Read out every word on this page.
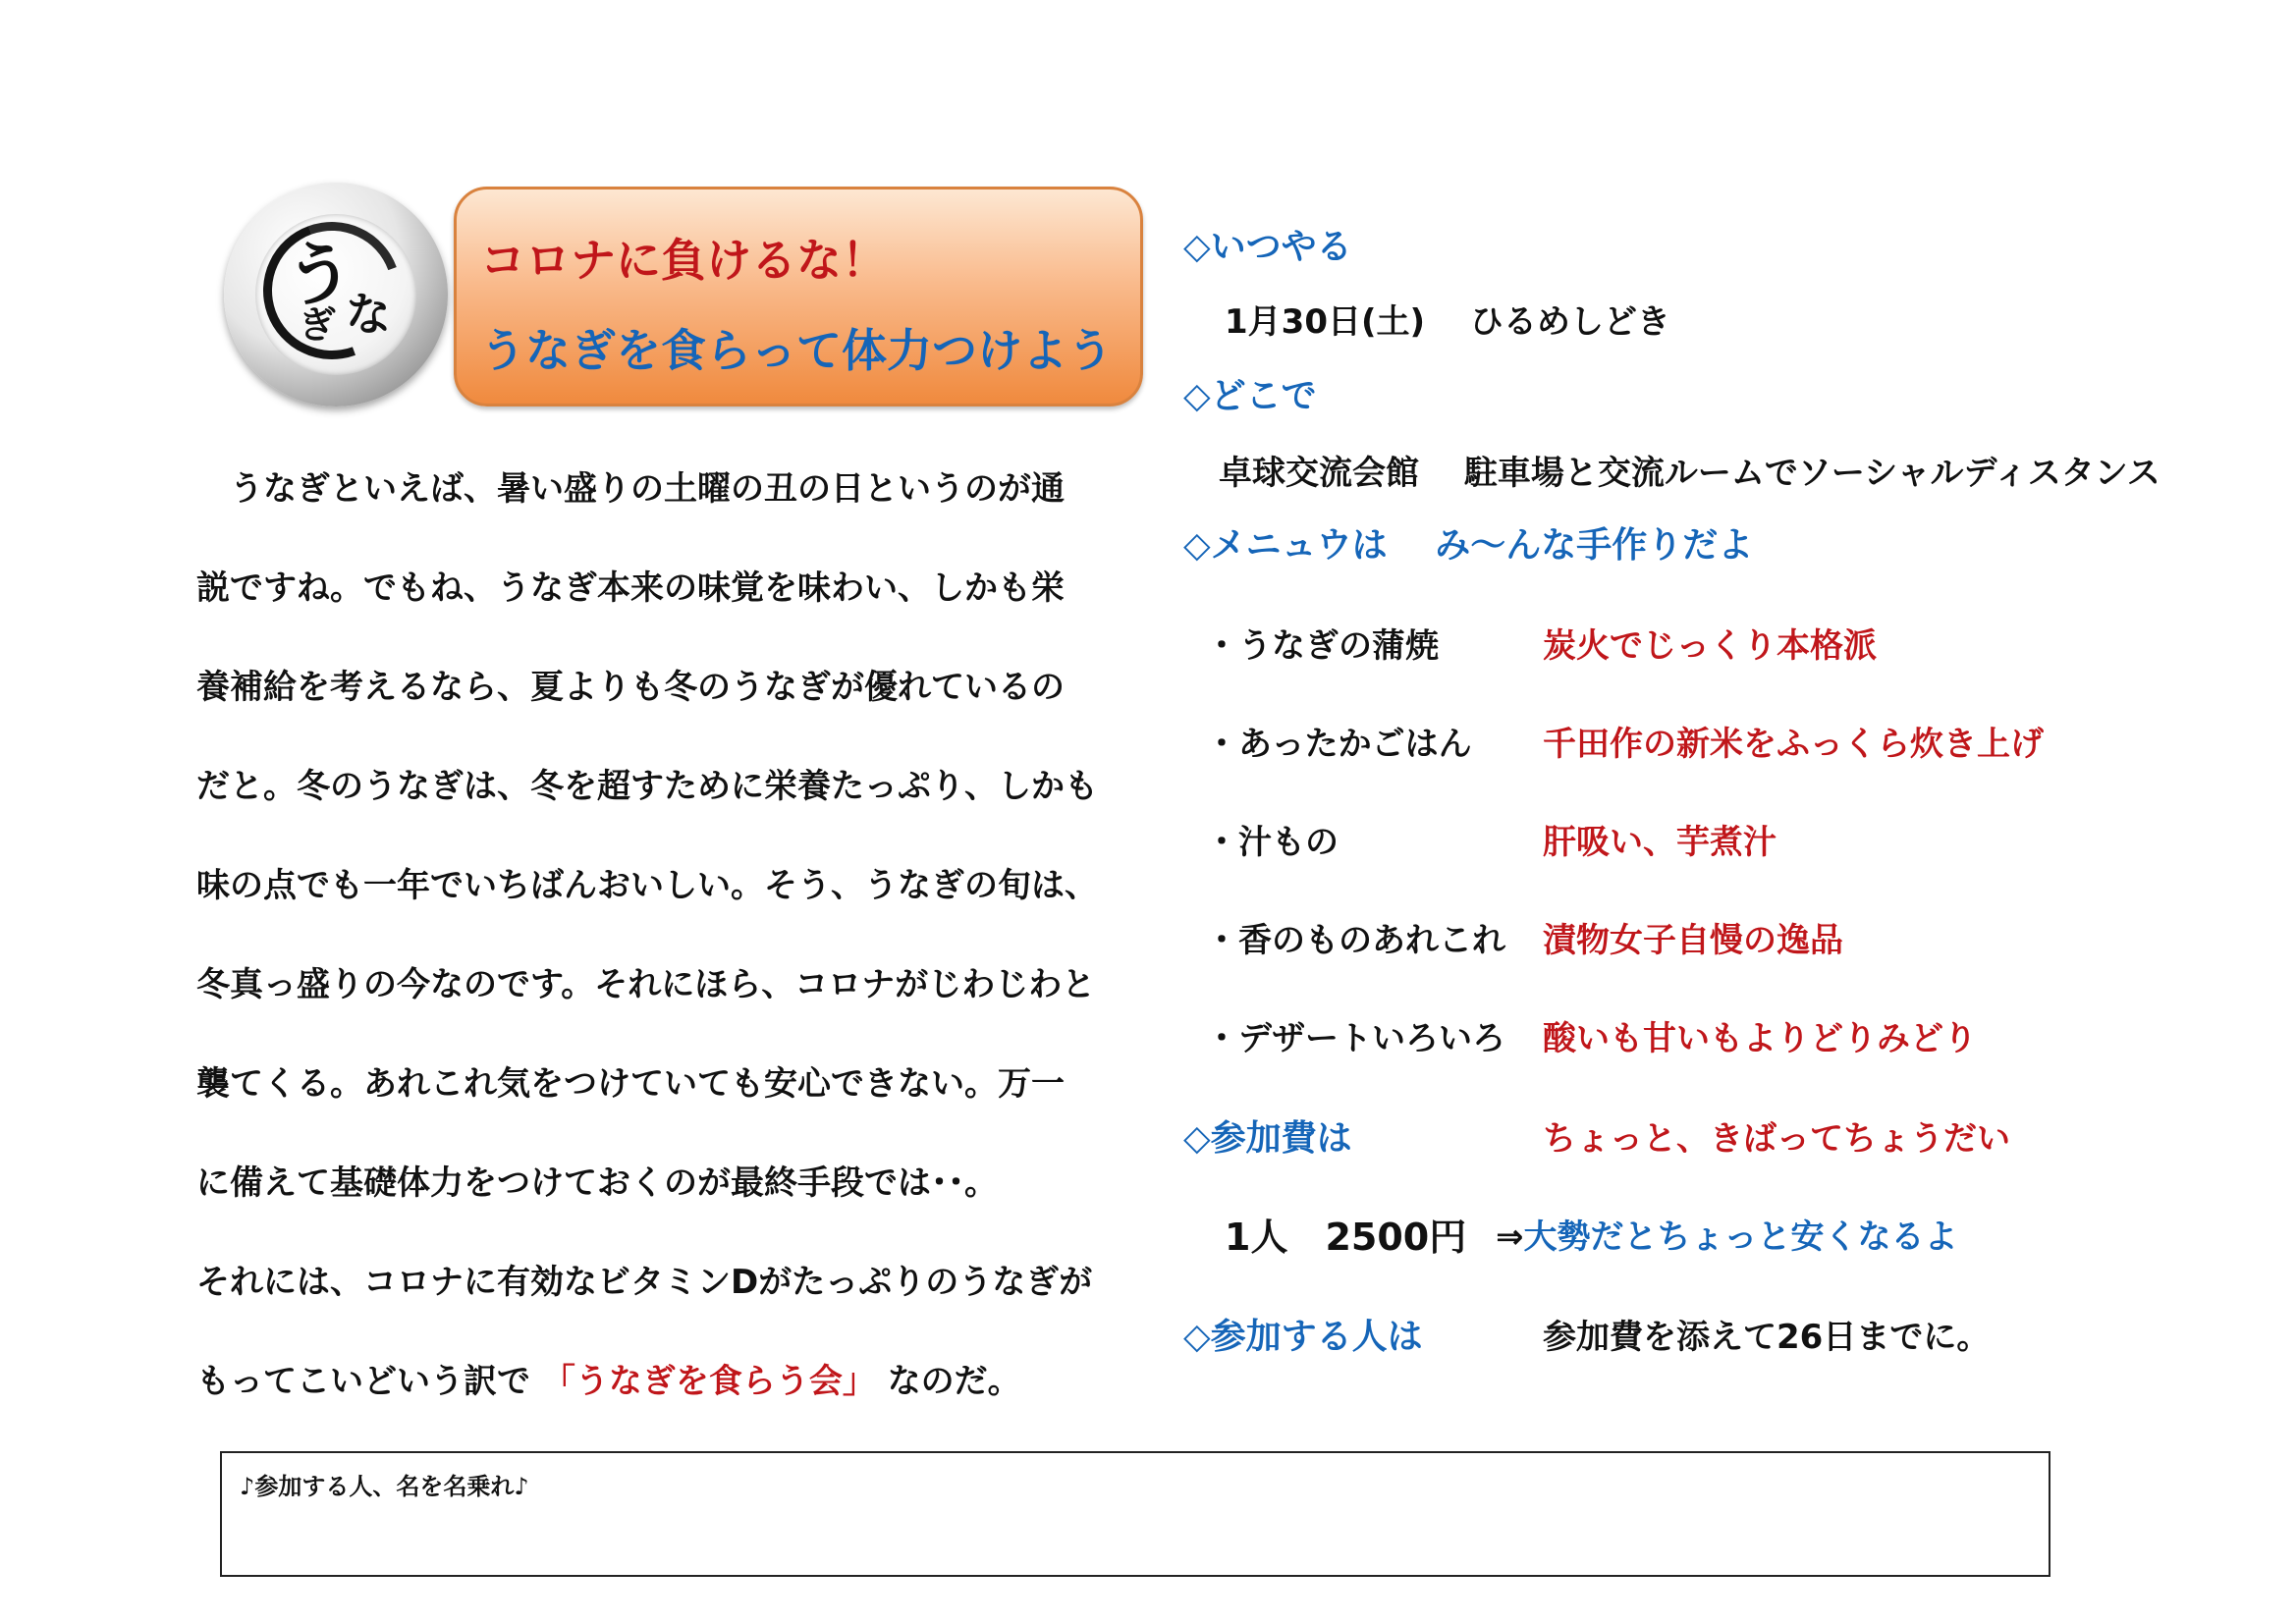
う
ぎ な
コロナに負けるな！
うなぎを食らって体力つけよう
　うなぎといえば、暑い盛りの土曜の丑の日というのが通
説ですね。でもね、うなぎ本来の味覚を味わい、しかも栄
養補給を考えるなら、夏よりも冬のうなぎが優れているの
だと。冬のうなぎは、冬を超すために栄養たっぷり、しかも
味の点でも一年でいちばんおいしい。そう、うなぎの旬は、
冬真っ盛りの今なのです。それにほら、コロナがじわじわと
襲てくる。あれこれ気をつけていても安心できない。万一
に備えて基礎体力をつけておくのが最終手段では･･。
それには、コロナに有効なビタミンDがたっぷりのうなぎが
もってこいどいう訳で 「うなぎを食らう会」 なのだ。
◇いつやる
1月30日(土)　 ひるめしどき
◇どこで
卓球交流会館　 駐車場と交流ルームでソーシャルディスタンス
◇メニュウは　 み～んな手作りだよ
・うなぎの蒲焼	炭火でじっくり本格派
・あったかごはん 千田作の新米をふっくら炊き上げ
・汁もの	肝吸い、芋煮汁
・香のものあれこれ 漬物女子自慢の逸品
・デザートいろいろ 酸いも甘いもよりどりみどり
◇参加費は	ちょっと、きばってちょうだい
1人　2500円 ⇒大勢だとちょっと安くなるよ
◇参加する人は	参加費を添えて26日までに。
♪参加する人、名を名乗れ♪
